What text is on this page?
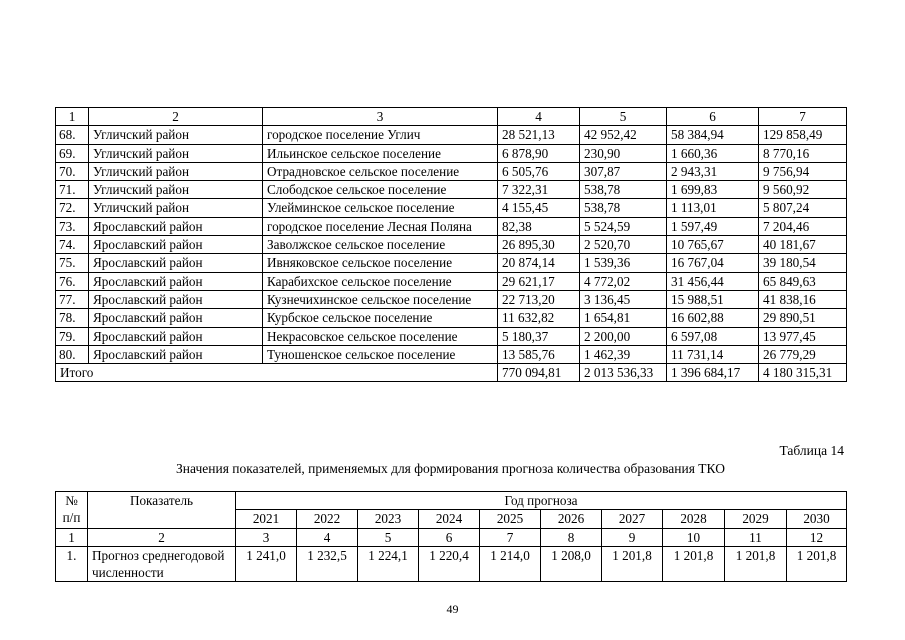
1	2	3	4	5	6	7
68.	Угличский район	городское поселение Углич	28 521,13	42 952,42	58 384,94	129 858,49
69.	Угличский район	Ильинское сельское поселение	6 878,90	230,90	1 660,36	8 770,16
70.	Угличский район	Отрадновское сельское поселение	6 505,76	307,87	2 943,31	9 756,94
71.	Угличский район	Слободское сельское поселение	7 322,31	538,78	1 699,83	9 560,92
72.	Угличский район	Улейминское сельское поселение	4 155,45	538,78	1 113,01	5 807,24
73.	Ярославский район	городское поселение Лесная Поляна	82,38	5 524,59	1 597,49	7 204,46
74.	Ярославский район	Заволжское сельское поселение	26 895,30	2 520,70	10 765,67	40 181,67
75.	Ярославский район	Ивняковское сельское поселение	20 874,14	1 539,36	16 767,04	39 180,54
76.	Ярославский район	Карабихское сельское поселение	29 621,17	4 772,02	31 456,44	65 849,63
77.	Ярославский район	Кузнечихинское сельское поселение	22 713,20	3 136,45	15 988,51	41 838,16
78.	Ярославский район	Курбское сельское поселение	11 632,82	1 654,81	16 602,88	29 890,51
79.	Ярославский район	Некрасовское сельское поселение	5 180,37	2 200,00	6 597,08	13 977,45
80.	Ярославский район	Туношенское сельское поселение	13 585,76	1 462,39	11 731,14	26 779,29
Итого			770 094,81	2 013 536,33	1 396 684,17	4 180 315,31
Таблица 14
Значения показателей, применяемых для формирования прогноза количества образования ТКО
№ п/п	Показатель	Год прогноза									
		2021	2022	2023	2024	2025	2026	2027	2028	2029	2030
1	2	3	4	5	6	7	8	9	10	11	12
1.	Прогноз среднегодовой численности	1 241,0	1 232,5	1 224,1	1 220,4	1 214,0	1 208,0	1 201,8	1 201,8	1 201,8	1 201,8
49
